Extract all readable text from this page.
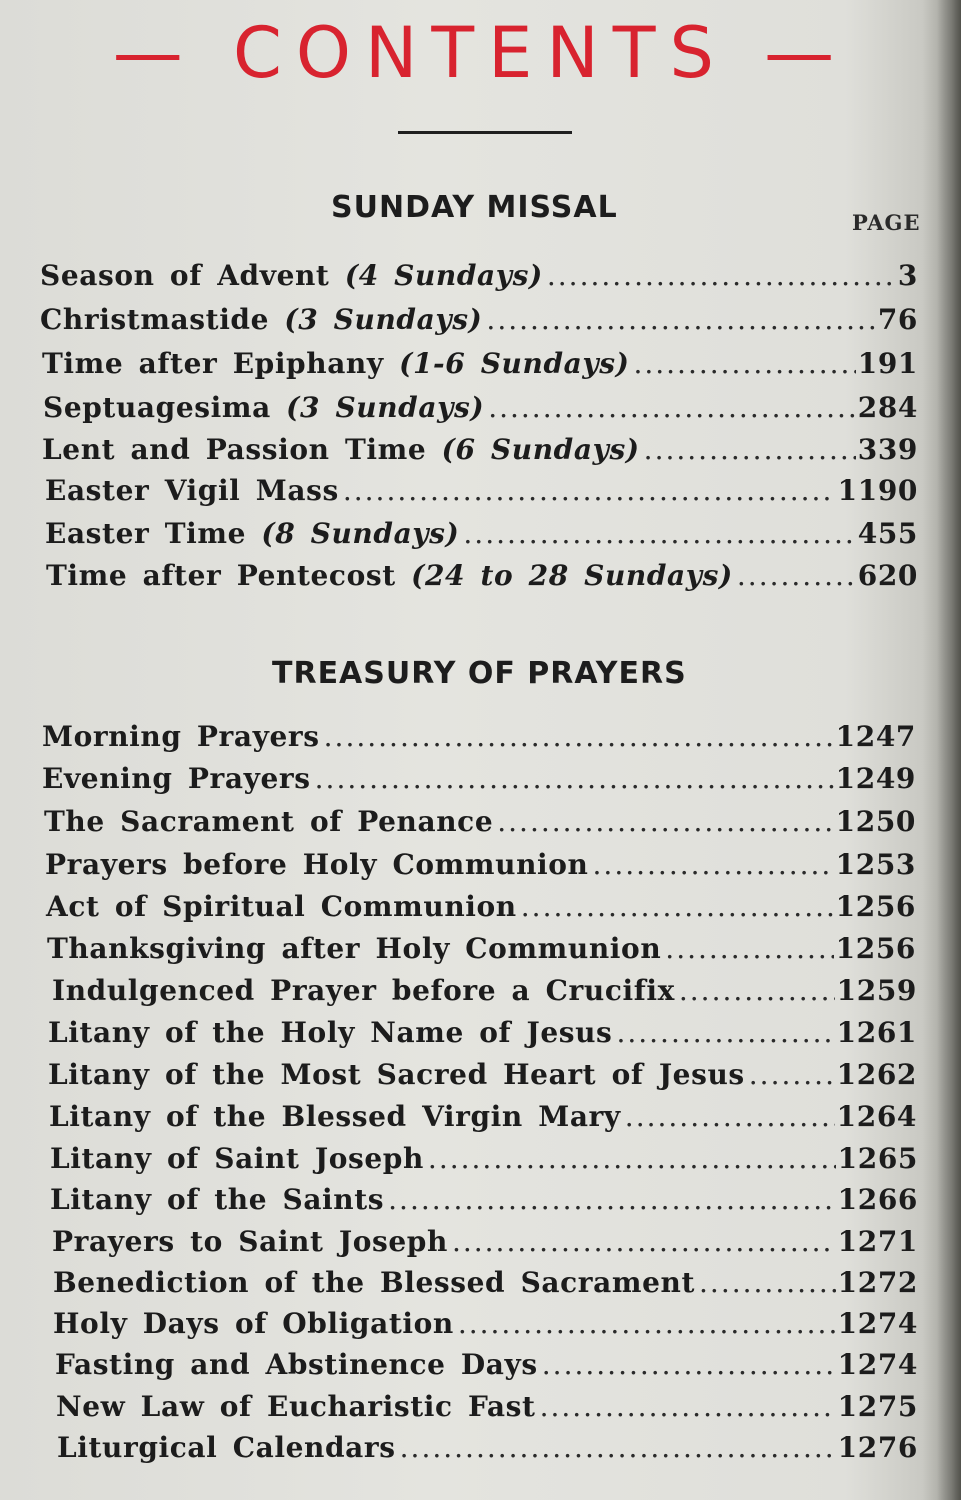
— CONTENTS —
SUNDAY MISSAL	PAGE
Season of Advent (4 Sundays) .....	3
Christmastide (3 Sundays) .....	76
Time after Epiphany (1-6 Sundays) .....	191
Septuagesima (3 Sundays) .....	284
Lent and Passion Time (6 Sundays) .....	339
Easter Vigil Mass .....	1190
Easter Time (8 Sundays) .....	455
Time after Pentecost (24 to 28 Sundays) .....	620
TREASURY OF PRAYERS
Morning Prayers .....	1247
Evening Prayers .....	1249
The Sacrament of Penance .....	1250
Prayers before Holy Communion .....	1253
Act of Spiritual Communion .....	1256
Thanksgiving after Holy Communion .....	1256
Indulgenced Prayer before a Crucifix .....	1259
Litany of the Holy Name of Jesus .....	1261
Litany of the Most Sacred Heart of Jesus .....	1262
Litany of the Blessed Virgin Mary .....	1264
Litany of Saint Joseph .....	1265
Litany of the Saints .....	1266
Prayers to Saint Joseph .....	1271
Benediction of the Blessed Sacrament .....	1272
Holy Days of Obligation .....	1274
Fasting and Abstinence Days .....	1274
New Law of Eucharistic Fast .....	1275
Liturgical Calendars .....	1276
